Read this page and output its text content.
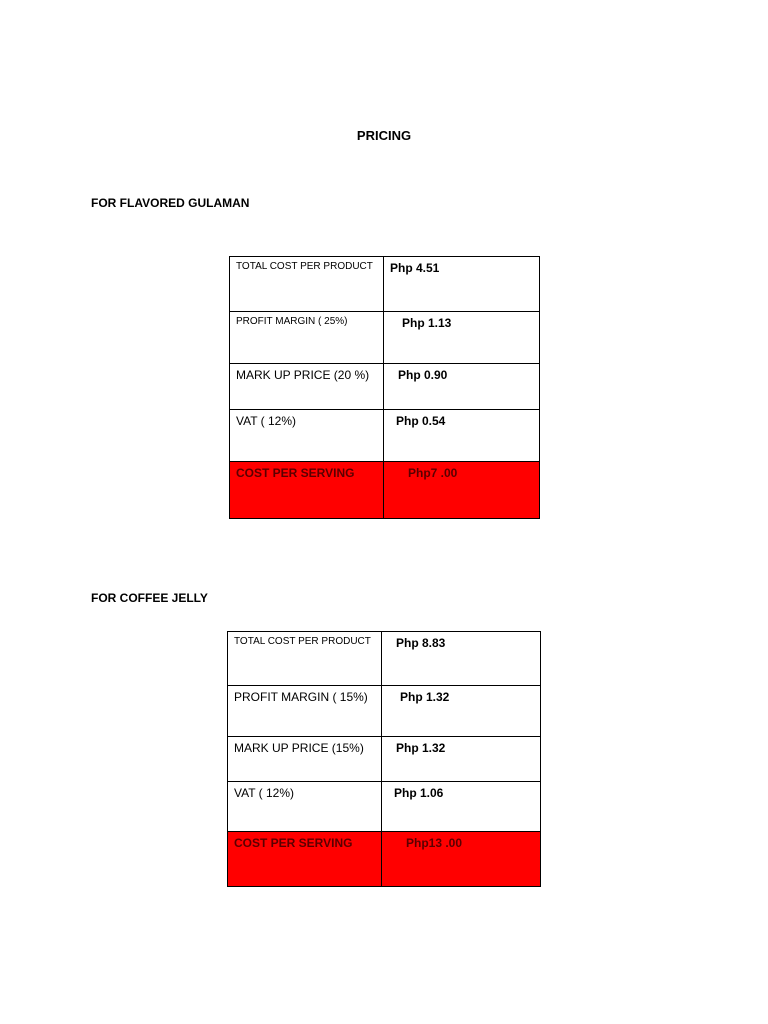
PRICING
FOR FLAVORED GULAMAN
TOTAL COST PER PRODUCT	Php 4.51
PROFIT MARGIN ( 25%)	Php 1.13
MARK UP PRICE (20 %)	Php 0.90
VAT ( 12%)	Php 0.54
COST PER SERVING	Php7 .00
FOR COFFEE JELLY
TOTAL COST PER PRODUCT	Php 8.83
PROFIT MARGIN ( 15%)	Php 1.32
MARK UP PRICE (15%)	Php 1.32
VAT ( 12%)	Php 1.06
COST PER SERVING	Php13 .00
